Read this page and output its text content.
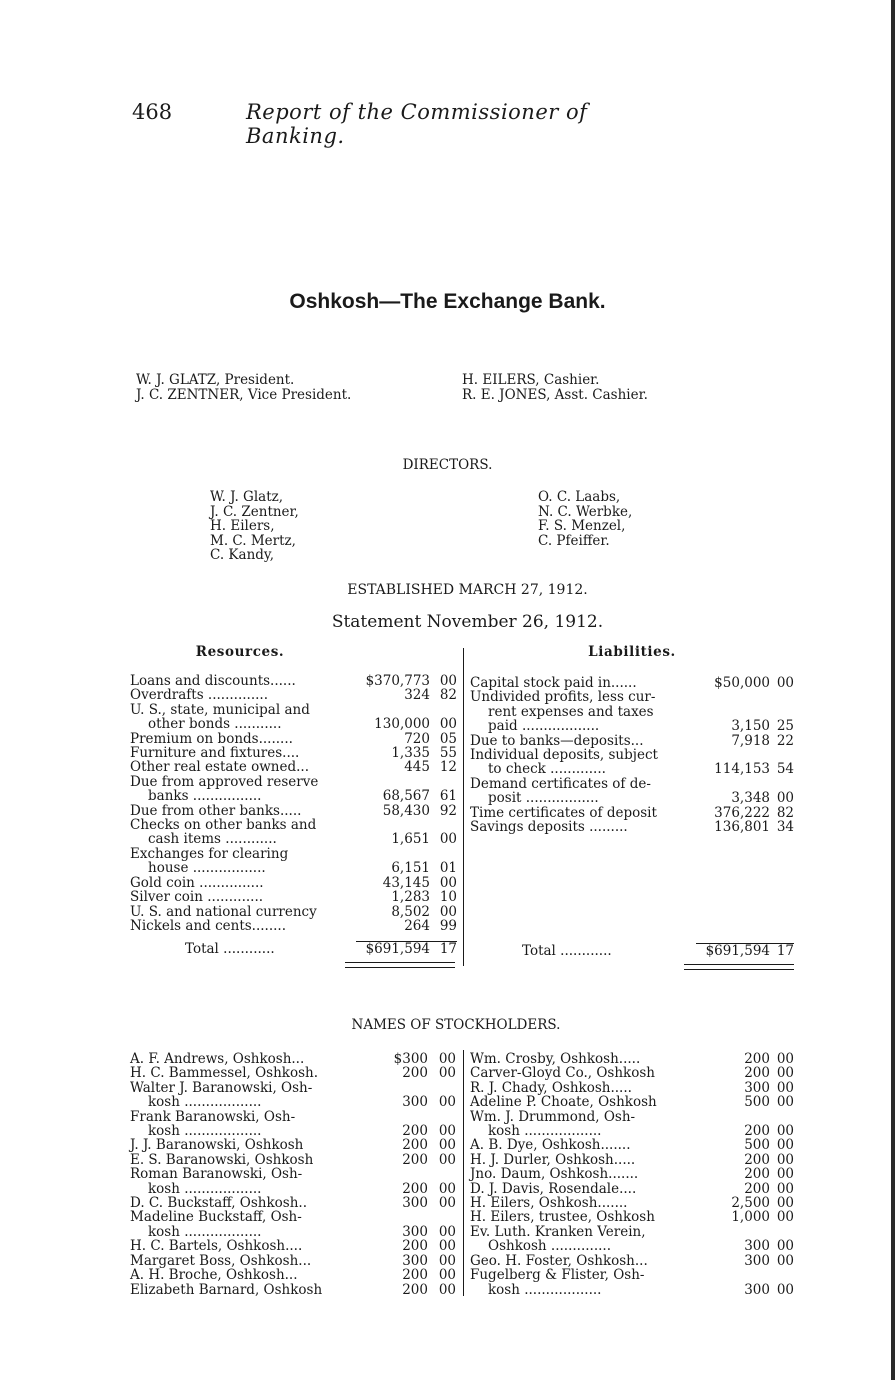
468	Report of the Commissioner of Banking.
Oshkosh—The Exchange Bank.
W. J. GLATZ, President.
J. C. ZENTNER, Vice President.
H. EILERS, Cashier.
R. E. JONES, Asst. Cashier.
DIRECTORS.
W. J. Glatz,
J. C. Zentner,
H. Eilers,
M. C. Mertz,
C. Kandy,
O. C. Laabs,
N. C. Werbke,
F. S. Menzel,
C. Pfeiffer.
ESTABLISHED MARCH 27, 1912.
Statement November 26, 1912.
Resources.	Liabilities.
Loans and discounts......	$370,773	00
Overdrafts ..............	324	82
U. S., state, municipal and		
other bonds ...........	130,000	00
Premium on bonds........	720	05
Furniture and fixtures....	1,335	55
Other real estate owned...	445	12
Due from approved reserve		
banks ................	68,567	61
Due from other banks.....	58,430	92
Checks on other banks and		
cash items ............	1,651	00
Exchanges for clearing		
house .................	6,151	01
Gold coin ...............	43,145	00
Silver coin .............	1,283	10
U. S. and national currency	8,502	00
Nickels and cents........	264	99

Total ............	$691,594	17
Capital stock paid in......	$50,000	00
Undivided profits, less cur-		
rent expenses and taxes		
paid ..................	3,150	25
Due to banks—deposits...	7,918	22
Individual deposits, subject		
to check .............	114,153	54
Demand certificates of de-		
posit .................	3,348	00
Time certificates of deposit	376,222	82
Savings deposits .........	136,801	34

Total ............	$691,594	17
NAMES OF STOCKHOLDERS.
A. F. Andrews, Oshkosh...	$300	00
H. C. Bammessel, Oshkosh.	200	00
Walter J. Baranowski, Osh-		
kosh ..................	300	00
Frank Baranowski, Osh-		
kosh ..................	200	00
J. J. Baranowski, Oshkosh	200	00
E. S. Baranowski, Oshkosh	200	00
Roman Baranowski, Osh-		
kosh ..................	200	00
D. C. Buckstaff, Oshkosh..	300	00
Madeline Buckstaff, Osh-		
kosh ..................	300	00
H. C. Bartels, Oshkosh....	200	00
Margaret Boss, Oshkosh...	300	00
A. H. Broche, Oshkosh...	200	00
Elizabeth Barnard, Oshkosh	200	00
Wm. Crosby, Oshkosh.....	200	00
Carver-Gloyd Co., Oshkosh	200	00
R. J. Chady, Oshkosh.....	300	00
Adeline P. Choate, Oshkosh	500	00
Wm. J. Drummond, Osh-		
kosh ..................	200	00
A. B. Dye, Oshkosh.......	500	00
H. J. Durler, Oshkosh.....	200	00
Jno. Daum, Oshkosh.......	200	00
D. J. Davis, Rosendale....	200	00
H. Eilers, Oshkosh.......	2,500	00
H. Eilers, trustee, Oshkosh	1,000	00
Ev. Luth. Kranken Verein,		
Oshkosh ..............	300	00
Geo. H. Foster, Oshkosh...	300	00
Fugelberg & Flister, Osh-		
kosh ..................	300	00
